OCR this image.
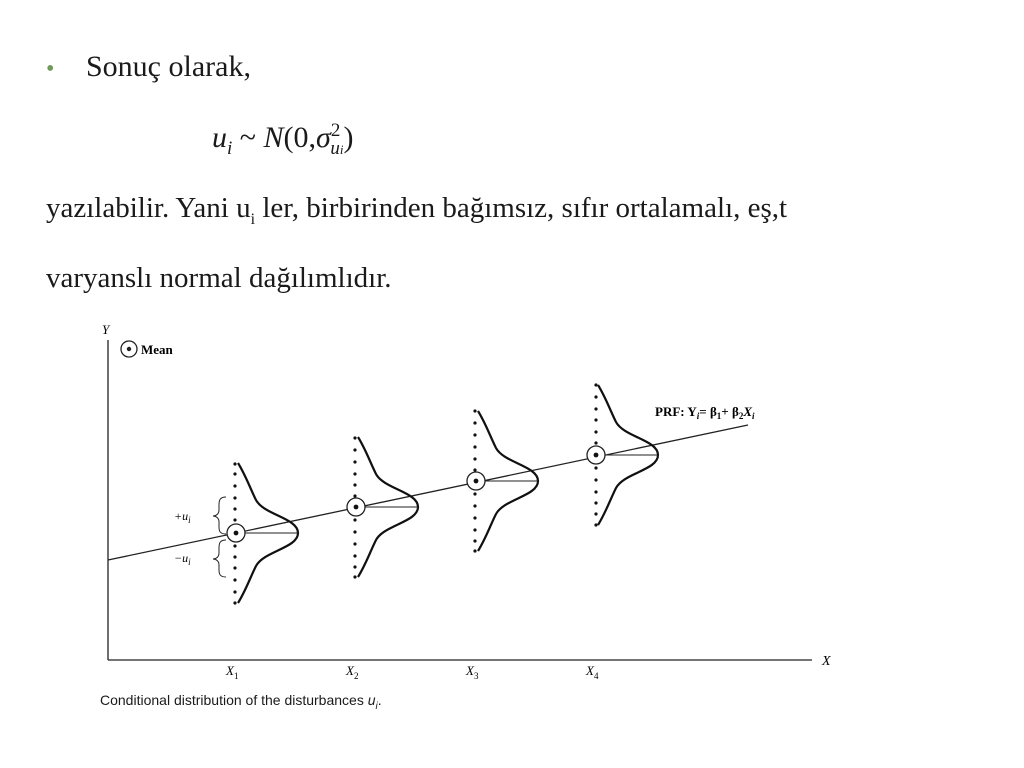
• Sonuç olarak,
$u_i$ ~ $N(0,\sigma^2_{ui})$
yazılabilir. Yani $u_i$ ler, birbirinden bağımsız, sıfır ortalamalı, eş,t
varyanslı normal dağılımlıdır.
Y
X
Mean
PRF: $Y_i= \beta_1+ \beta_2X_i$
$+u_i$
$-u_i$
$X_1$	$X_2$	$X_3$	$X_4$
Conditional distribution of the disturbances $u_i$.
